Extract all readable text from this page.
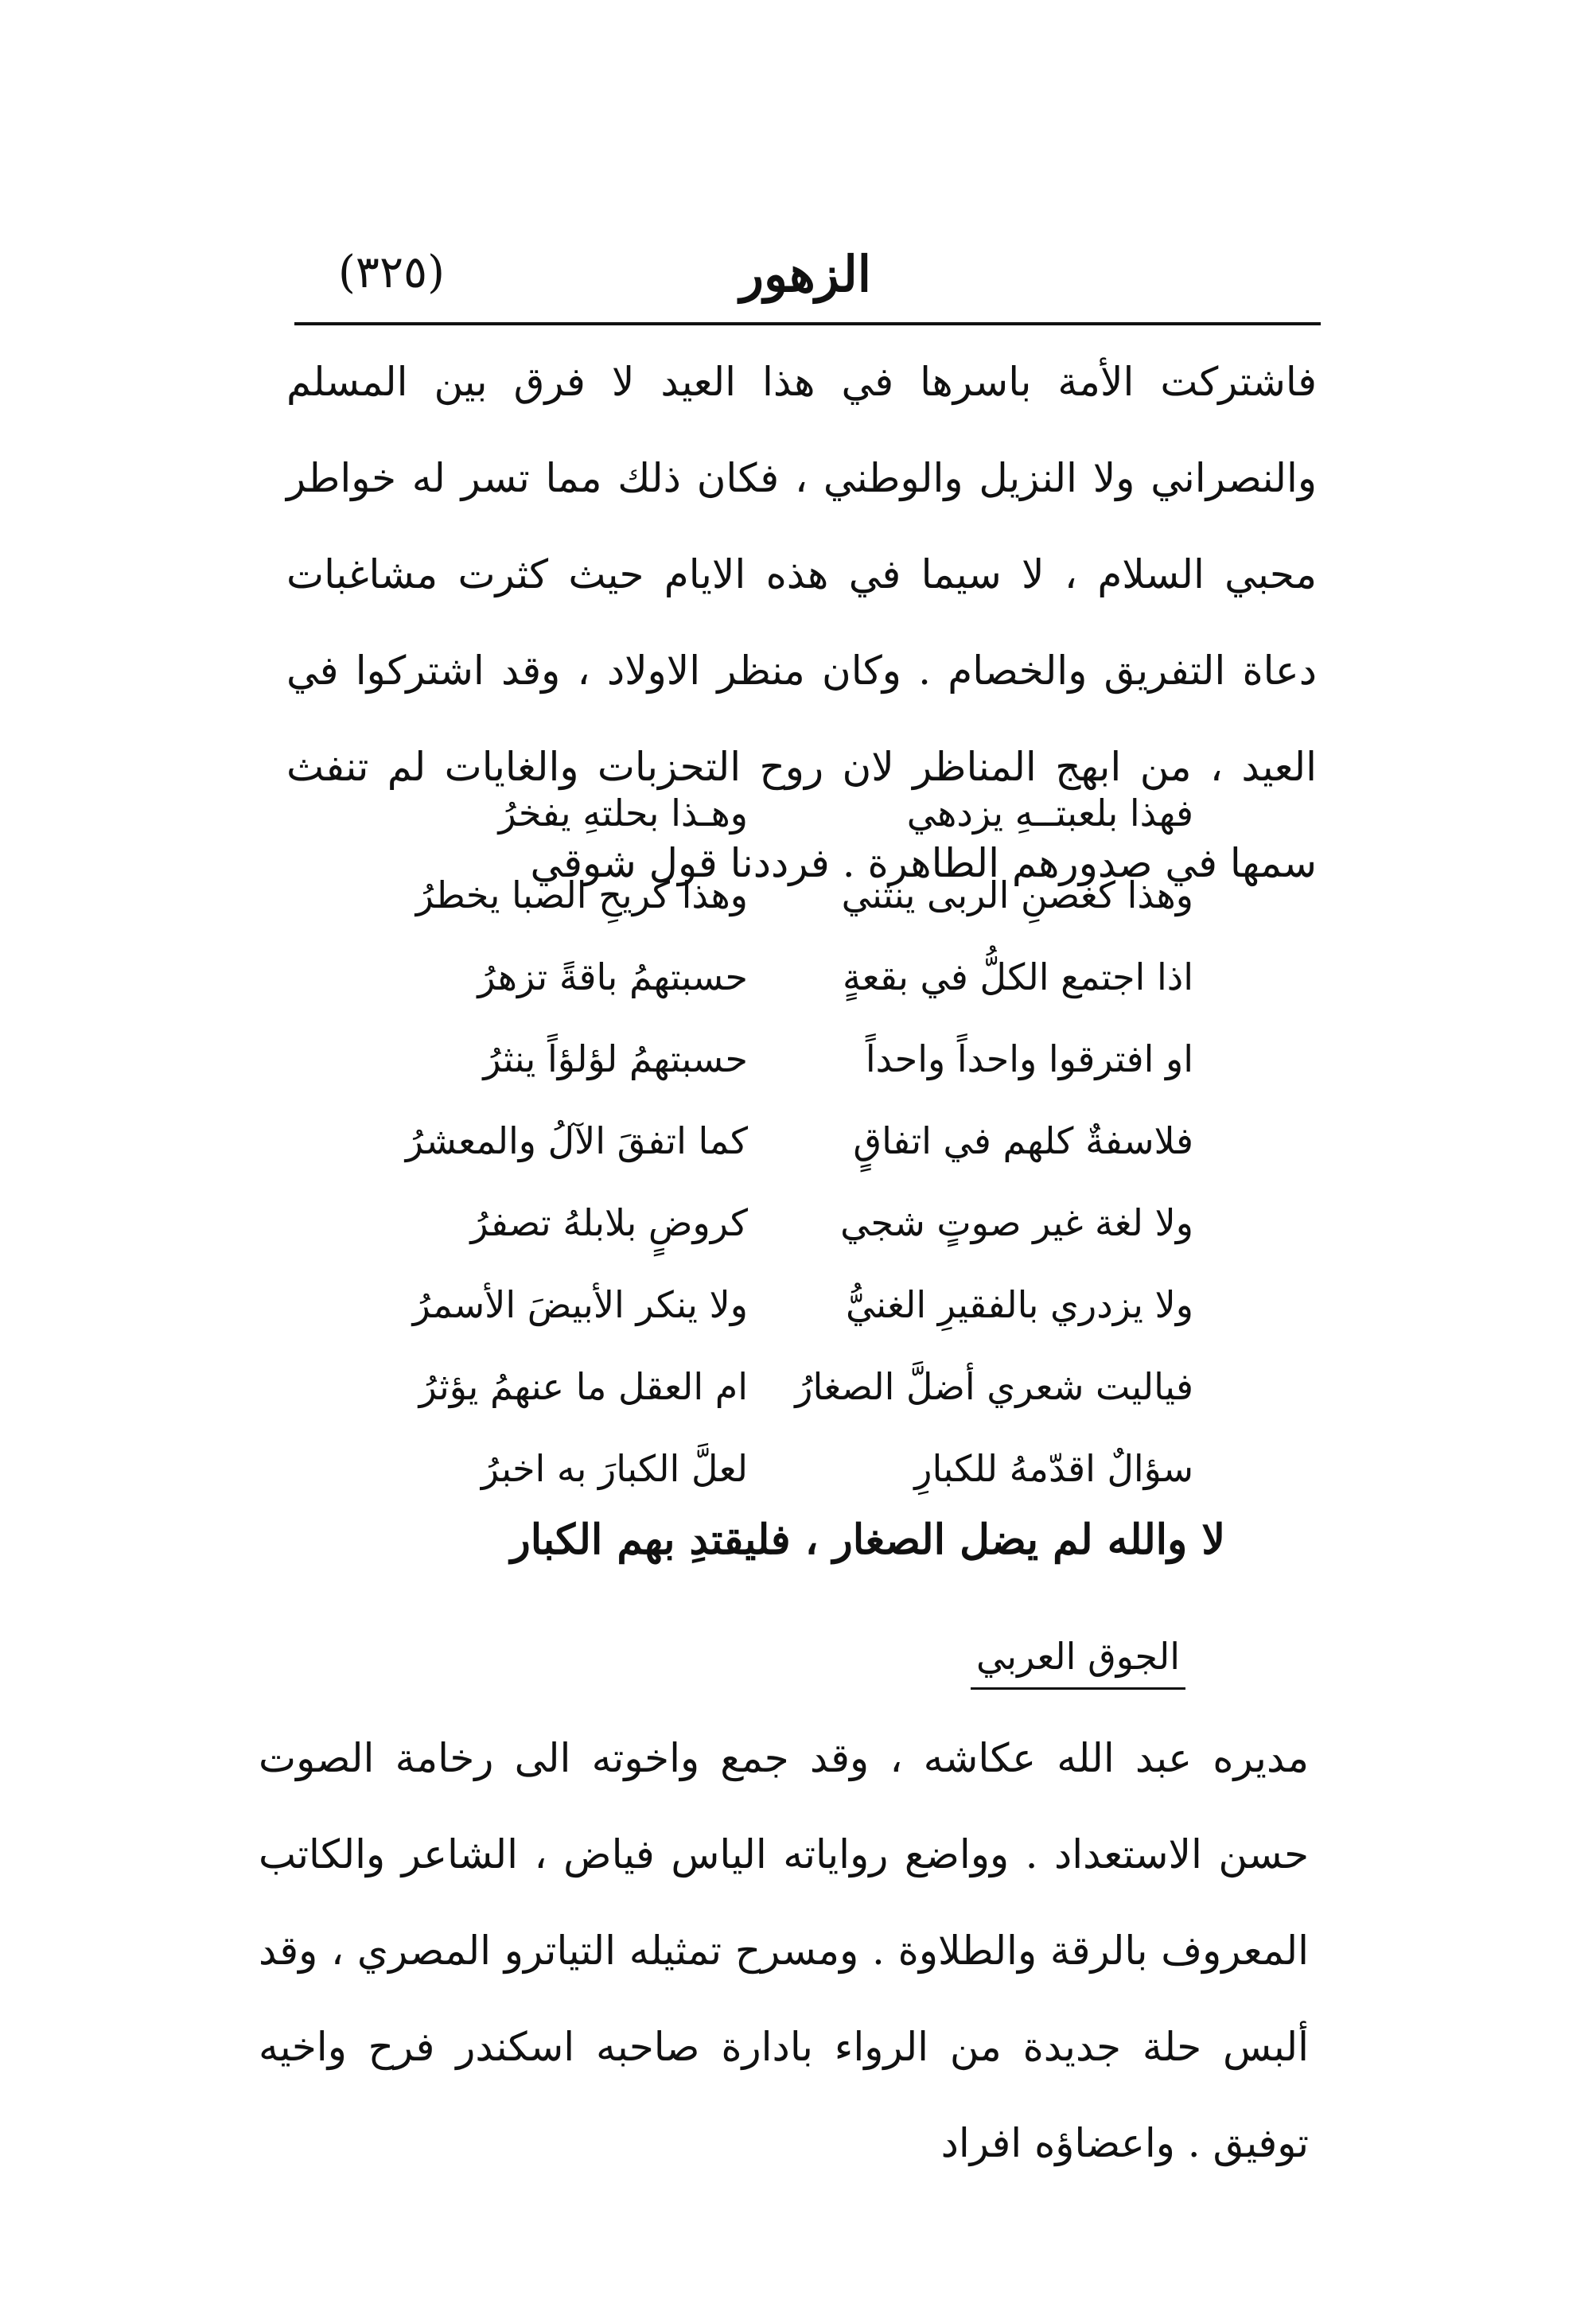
(٣٢٥)	الزهور

فاشتركت الأمة باسرها في هذا العيد لا فرق بين المسلم والنصراني ولا النزيل والوطني ، فكان ذلك مما تسر له خواطر محبي السلام ، لا سيما في هذه الايام حيث كثرت مشاغبات دعاة التفريق والخصام . وكان منظر الاولاد ، وقد اشتركوا في العيد ، من ابهج المناظر لان روح التحزبات والغايات لم تنفث سمها في صدورهم الطاهرة . فرددنا قول شوقي

فهذا بلعبتــهِ يزدهي
وهـذا بحلتهِ يفخرُ
وهذا كغصنِ الربى ينثني
وهذا كريحِ الصبا يخطرُ
اذا اجتمع الكلُّ في بقعةٍ
حسبتهمُ باقةً تزهرُ
او افترقوا واحداً واحداً
حسبتهمُ لؤلؤاً ينثرُ
فلاسفةٌ كلهم في اتفاقٍ
كما اتفقَ الآلُ والمعشرُ
ولا لغة غير صوتٍ شجي
كروضٍ بلابلهُ تصفرُ
ولا يزدري بالفقيرِ الغنيُّ
ولا ينكر الأبيضَ الأسمرُ
فياليت شعري أضلَّ الصغارُ
ام العقل ما عنهمُ يؤثرُ
سؤالٌ اقدّمهُ للكبارِ
لعلَّ الكبارَ به اخبرُ
لا والله لم يضل الصغار ، فليقتدِ بهم الكبار
الجوق العربي

مديره عبد الله عكاشه ، وقد جمع واخوته الى رخامة الصوت حسن الاستعداد . وواضع رواياته الياس فياض ، الشاعر والكاتب المعروف بالرقة والطلاوة . ومسرح تمثيله التياترو المصري ، وقد ألبس حلة جديدة من الرواء بادارة صاحبه اسكندر فرح واخيه توفيق . واعضاؤه افراد
